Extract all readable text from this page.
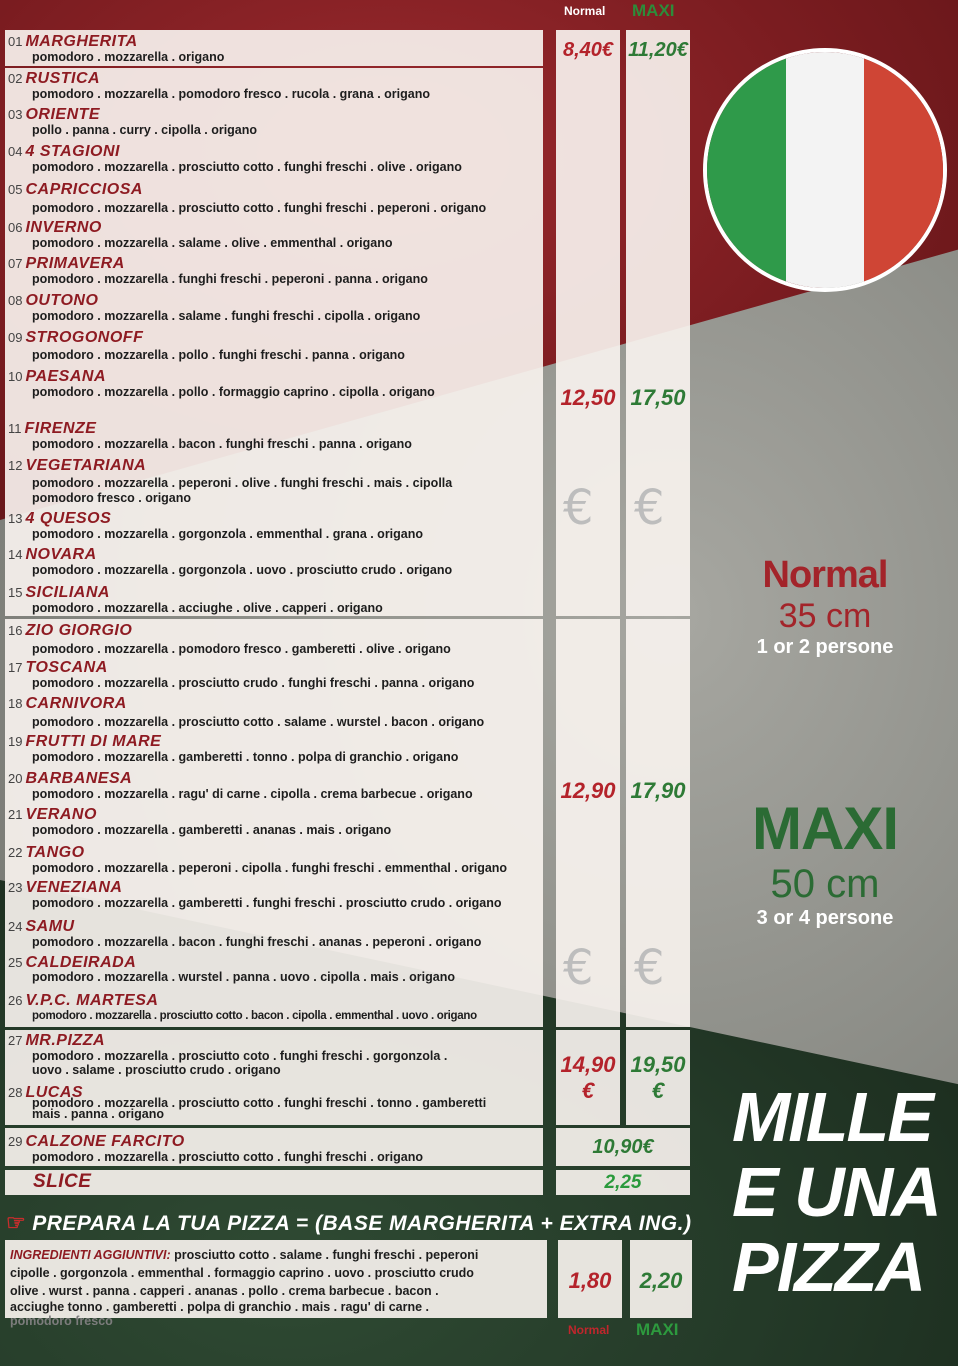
Normal MAXI
01 MARGHERITA
pomodoro . mozzarella . origano
02 RUSTICA
pomodoro . mozzarella . pomodoro fresco . rucola . grana . origano
03 ORIENTE
pollo . panna . curry . cipolla . origano
04 4 STAGIONI
pomodoro . mozzarella . prosciutto cotto . funghi freschi . olive . origano
05 CAPRICCIOSA
pomodoro . mozzarella . prosciutto cotto . funghi freschi . peperoni . origano
06 INVERNO
pomodoro . mozzarella . salame . olive . emmenthal . origano
07 PRIMAVERA
pomodoro . mozzarella . funghi freschi . peperoni . panna . origano
08 OUTONO
pomodoro . mozzarella . salame . funghi freschi . cipolla . origano
09 STROGONOFF
pomodoro . mozzarella . pollo . funghi freschi . panna . origano
10 PAESANA
pomodoro . mozzarella . pollo . formaggio caprino . cipolla . origano
11 FIRENZE
pomodoro . mozzarella . bacon . funghi freschi . panna . origano
12 VEGETARIANA
pomodoro . mozzarella . peperoni . olive . funghi freschi . mais . cipolla
pomodoro fresco . origano
13 4 QUESOS
pomodoro . mozzarella . gorgonzola . emmenthal . grana . origano
14 NOVARA
pomodoro . mozzarella . gorgonzola . uovo . prosciutto crudo . origano
15 SICILIANA
pomodoro . mozzarella . acciughe . olive . capperi . origano
16 ZIO GIORGIO
pomodoro . mozzarella . pomodoro fresco . gamberetti . olive . origano
17 TOSCANA
pomodoro . mozzarella . prosciutto crudo . funghi freschi . panna . origano
18 CARNIVORA
pomodoro . mozzarella . prosciutto cotto . salame . wurstel . bacon . origano
19 FRUTTI DI MARE
pomodoro . mozzarella . gamberetti . tonno . polpa di granchio . origano
20 BARBANESA
pomodoro . mozzarella . ragu' di carne . cipolla . crema barbecue . origano
21 VERANO
pomodoro . mozzarella . gamberetti . ananas . mais . origano
22 TANGO
pomodoro . mozzarella . peperoni . cipolla . funghi freschi . emmenthal . origano
23 VENEZIANA
pomodoro . mozzarella . gamberetti . funghi freschi . prosciutto crudo . origano
24 SAMU
pomodoro . mozzarella . bacon . funghi freschi . ananas . peperoni . origano
25 CALDEIRADA
pomodoro . mozzarella . wurstel . panna . uovo . cipolla . mais . origano
26 V.P.C. MARTESA
pomodoro . mozzarella . prosciutto cotto . bacon . cipolla . emmenthal . uovo . origano
27 MR.PIZZA
pomodoro . mozzarella . prosciutto coto . funghi freschi . gorgonzola .
uovo . salame . prosciutto crudo . origano
28 LUCAS
pomodoro . mozzarella . prosciutto cotto . funghi freschi . tonno . gamberetti
mais . panna . origano
29 CALZONE FARCITO
pomodoro . mozzarella . prosciutto cotto . funghi freschi . origano
SLICE
8,40€ 11,20€
12,50 17,50
€ €
12,90 17,90
€ €
14,90
€
19,50
€
10,90€
2,25
Normal
35 cm
1 or 2 persone
MAXI
50 cm
3 or 4 persone
MILLE
E UNA
PIZZA
☞ PREPARA LA TUA PIZZA = (BASE MARGHERITA + EXTRA ING.)
INGREDIENTI AGGIUNTIVI: prosciutto cotto . salame . funghi freschi . peperoni
cipolle . gorgonzola . emmenthal . formaggio caprino . uovo . prosciutto crudo
olive . wurst . panna . capperi . ananas . pollo . crema barbecue . bacon .
acciughe tonno . gamberetti . polpa di granchio . mais . ragu' di carne .
pomodoro fresco
1,80	2,20
Normal MAXI
